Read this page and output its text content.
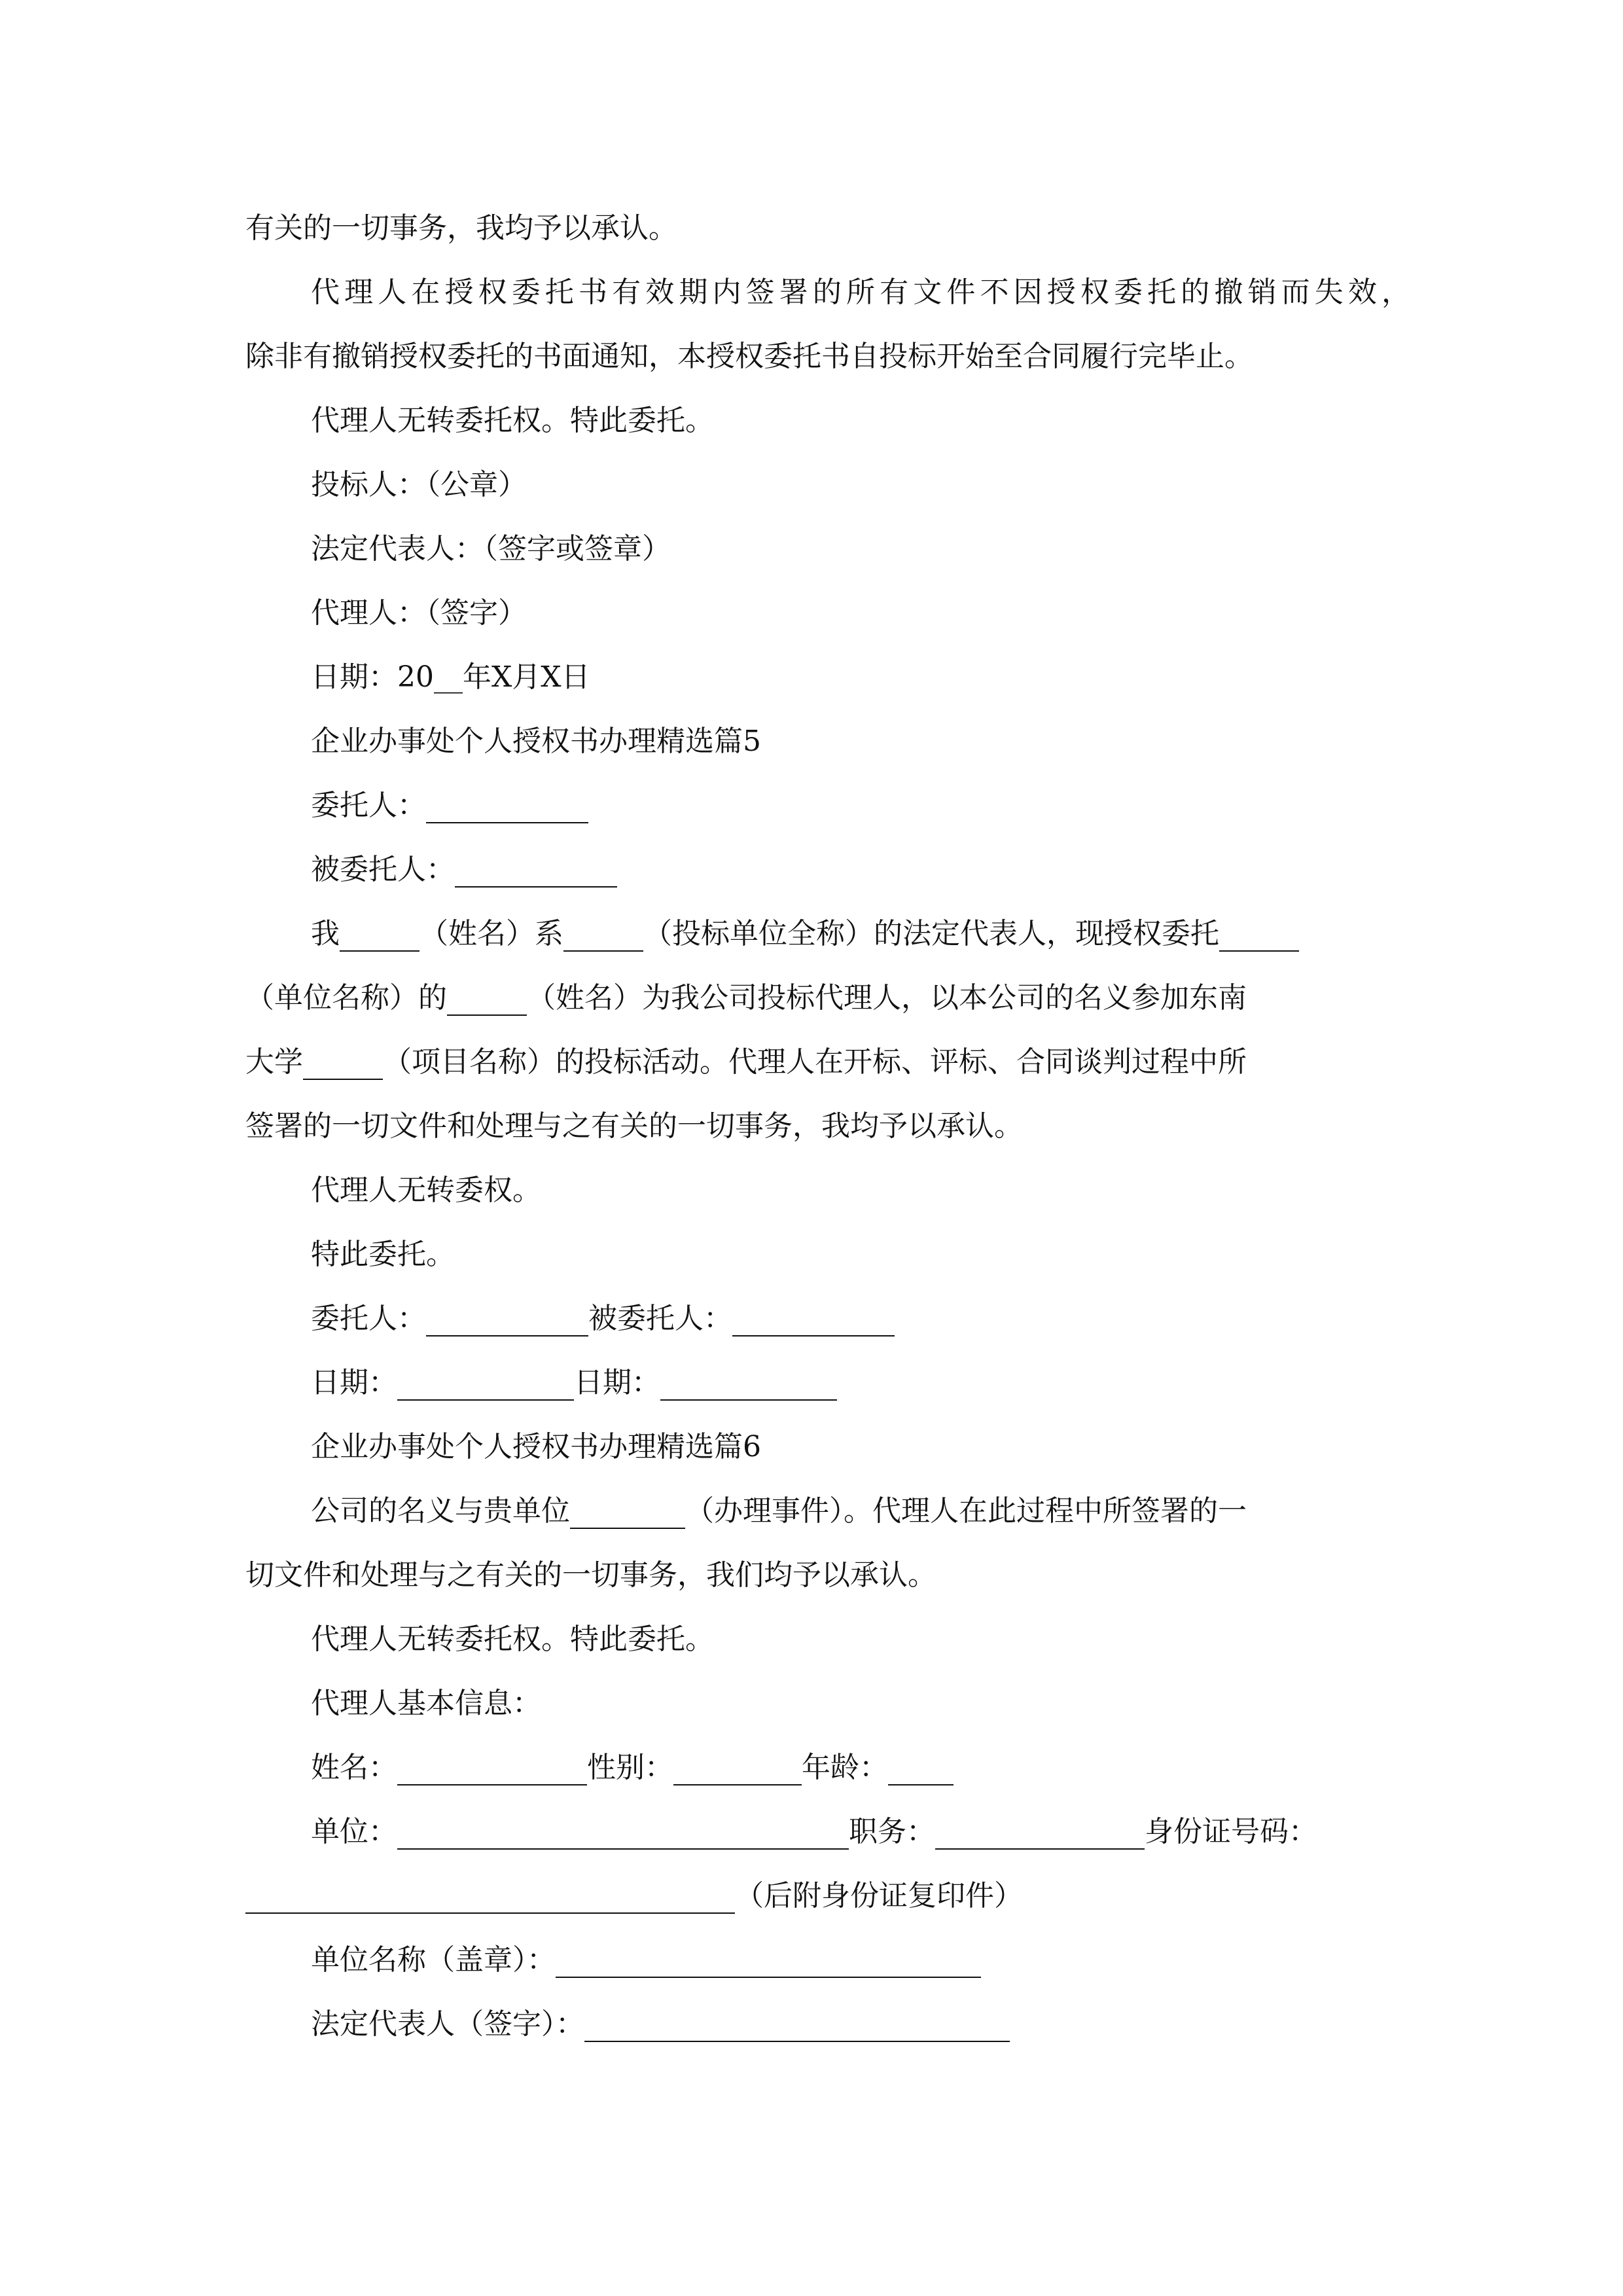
有关的一切事务，我均予以承认。
代理人在授权委托书有效期内签署的所有文件不因授权委托的撤销而失效，
除非有撤销授权委托的书面通知，本授权委托书自投标开始至合同履行完毕止。
代理人无转委托权。特此委托。
投标人：（公章）
法定代表人：（签字或签章）
代理人：（签字）
日期：20__年X月X日
企业办事处个人授权书办理精选篇5
委托人：
被委托人：
我	（姓名）系	（投标单位全称）的法定代表人，现授权委托
（单位名称）的	（姓名）为我公司投标代理人，以本公司的名义参加东南
大学	（项目名称）的投标活动。代理人在开标、评标、合同谈判过程中所
签署的一切文件和处理与之有关的一切事务，我均予以承认。
代理人无转委权。
特此委托。
委托人：	被委托人：
日期：	日期：
企业办事处个人授权书办理精选篇6
公司的名义与贵单位	（办理事件）。代理人在此过程中所签署的一
切文件和处理与之有关的一切事务，我们均予以承认。
代理人无转委托权。特此委托。
代理人基本信息：
姓名：	性别：	年龄：
单位：	职务：	身份证号码：
（后附身份证复印件）
单位名称（盖章）：
法定代表人（签字）：
